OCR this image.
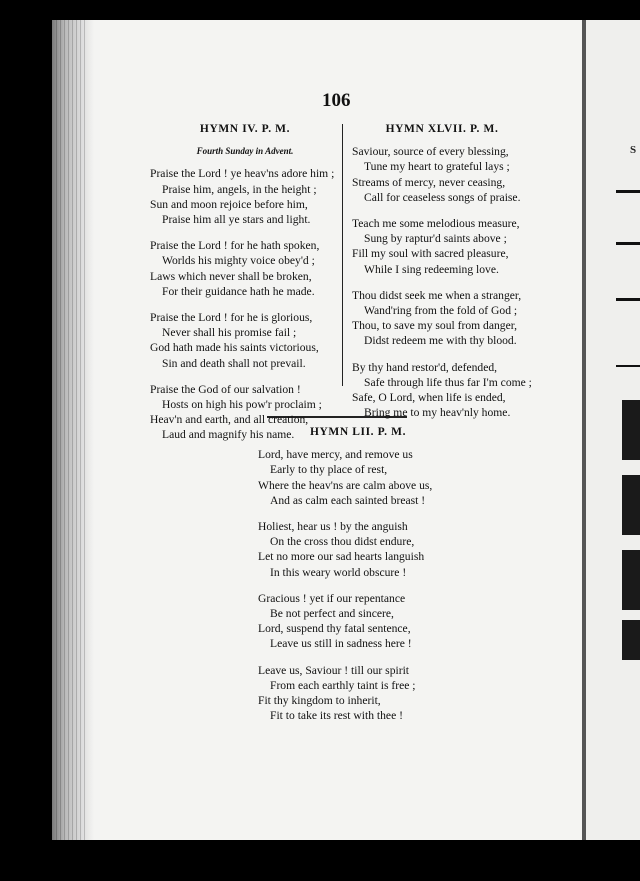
S
106
HYMN IV. P. M.
Fourth Sunday in Advent.
Praise the Lord ! ye heav'ns adore him ;
Praise him, angels, in the height ;
Sun and moon rejoice before him,
Praise him all ye stars and light.
Praise the Lord ! for he hath spoken,
Worlds his mighty voice obey'd ;
Laws which never shall be broken,
For their guidance hath he made.
Praise the Lord ! for he is glorious,
Never shall his promise fail ;
God hath made his saints victorious,
Sin and death shall not prevail.
Praise the God of our salvation !
Hosts on high his pow'r proclaim ;
Heav'n and earth, and all creation,
Laud and magnify his name.
HYMN XLVII. P. M.
Saviour, source of every blessing,
Tune my heart to grateful lays ;
Streams of mercy, never ceasing,
Call for ceaseless songs of praise.
Teach me some melodious measure,
Sung by raptur'd saints above ;
Fill my soul with sacred pleasure,
While I sing redeeming love.
Thou didst seek me when a stranger,
Wand'ring from the fold of God ;
Thou, to save my soul from danger,
Didst redeem me with thy blood.
By thy hand restor'd, defended,
Safe through life thus far I'm come ;
Safe, O Lord, when life is ended,
Bring me to my heav'nly home.
HYMN LII. P. M.
Lord, have mercy, and remove us
Early to thy place of rest,
Where the heav'ns are calm above us,
And as calm each sainted breast !
Holiest, hear us ! by the anguish
On the cross thou didst endure,
Let no more our sad hearts languish
In this weary world obscure !
Gracious ! yet if our repentance
Be not perfect and sincere,
Lord, suspend thy fatal sentence,
Leave us still in sadness here !
Leave us, Saviour ! till our spirit
From each earthly taint is free ;
Fit thy kingdom to inherit,
Fit to take its rest with thee !
